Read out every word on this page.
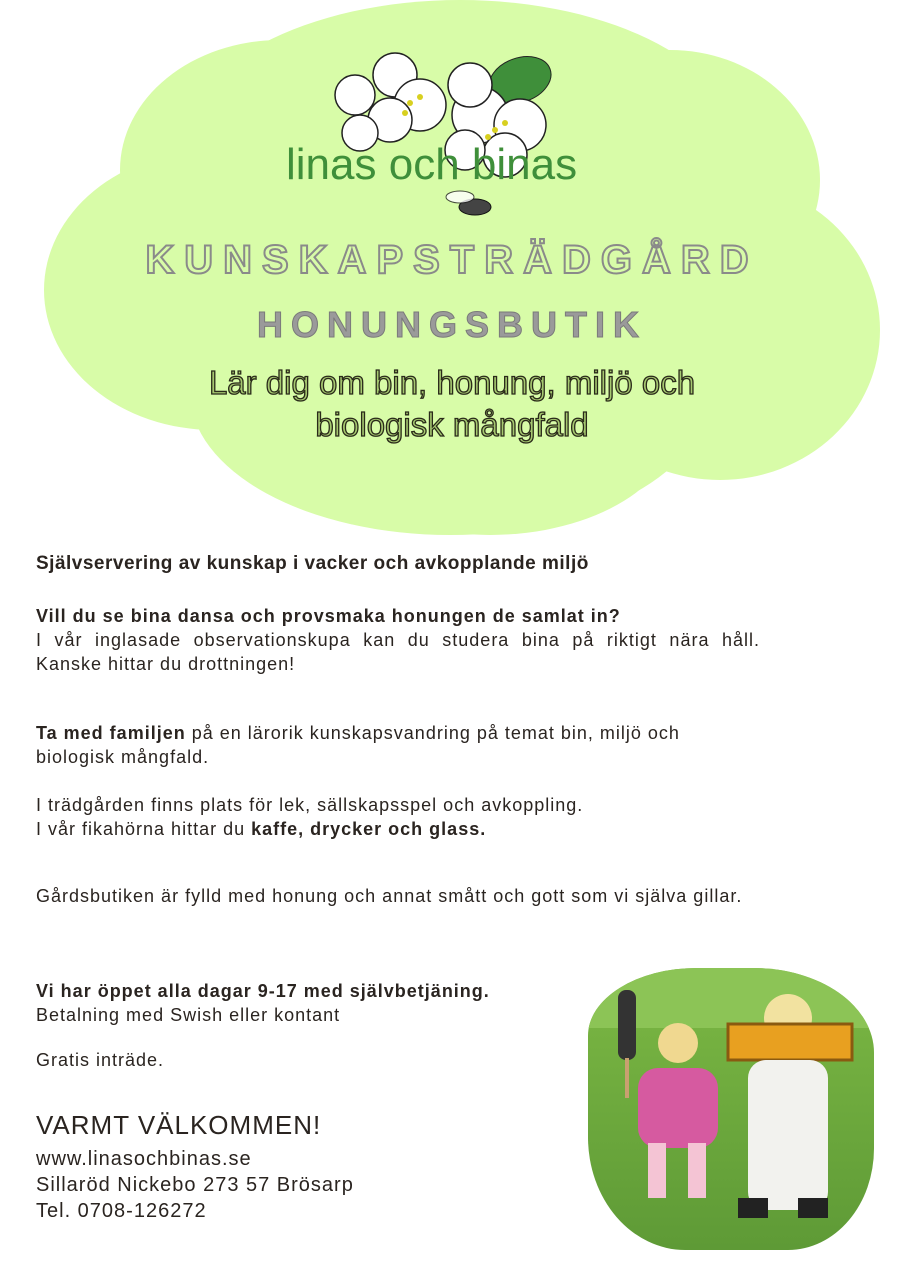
linas och binas
KUNSKAPSTRÄDGÅRD
HONUNGSBUTIK
Lär dig om bin, honung, miljö och
biologisk mångfald
Självservering av kunskap i vacker och avkopplande miljö
Vill du se bina dansa och provsmaka honungen de samlat in?
I vår inglasade observationskupa kan du studera bina på riktigt nära håll. Kanske hittar du drottningen!
Ta med familjen på en lärorik kunskapsvandring på temat bin, miljö och biologisk mångfald.
I trädgården finns plats för lek, sällskapsspel och avkoppling.
I vår fikahörna hittar du kaffe, drycker och glass.
Gårdsbutiken är fylld med honung och annat smått och gott som vi själva gillar.
Vi har öppet alla dagar 9-17 med självbetjäning.
Betalning med Swish eller kontant
Gratis inträde.
VARMT VÄLKOMMEN!
www.linasochbinas.se
Sillaröd Nickebo 273 57 Brösarp
Tel. 0708-126272
